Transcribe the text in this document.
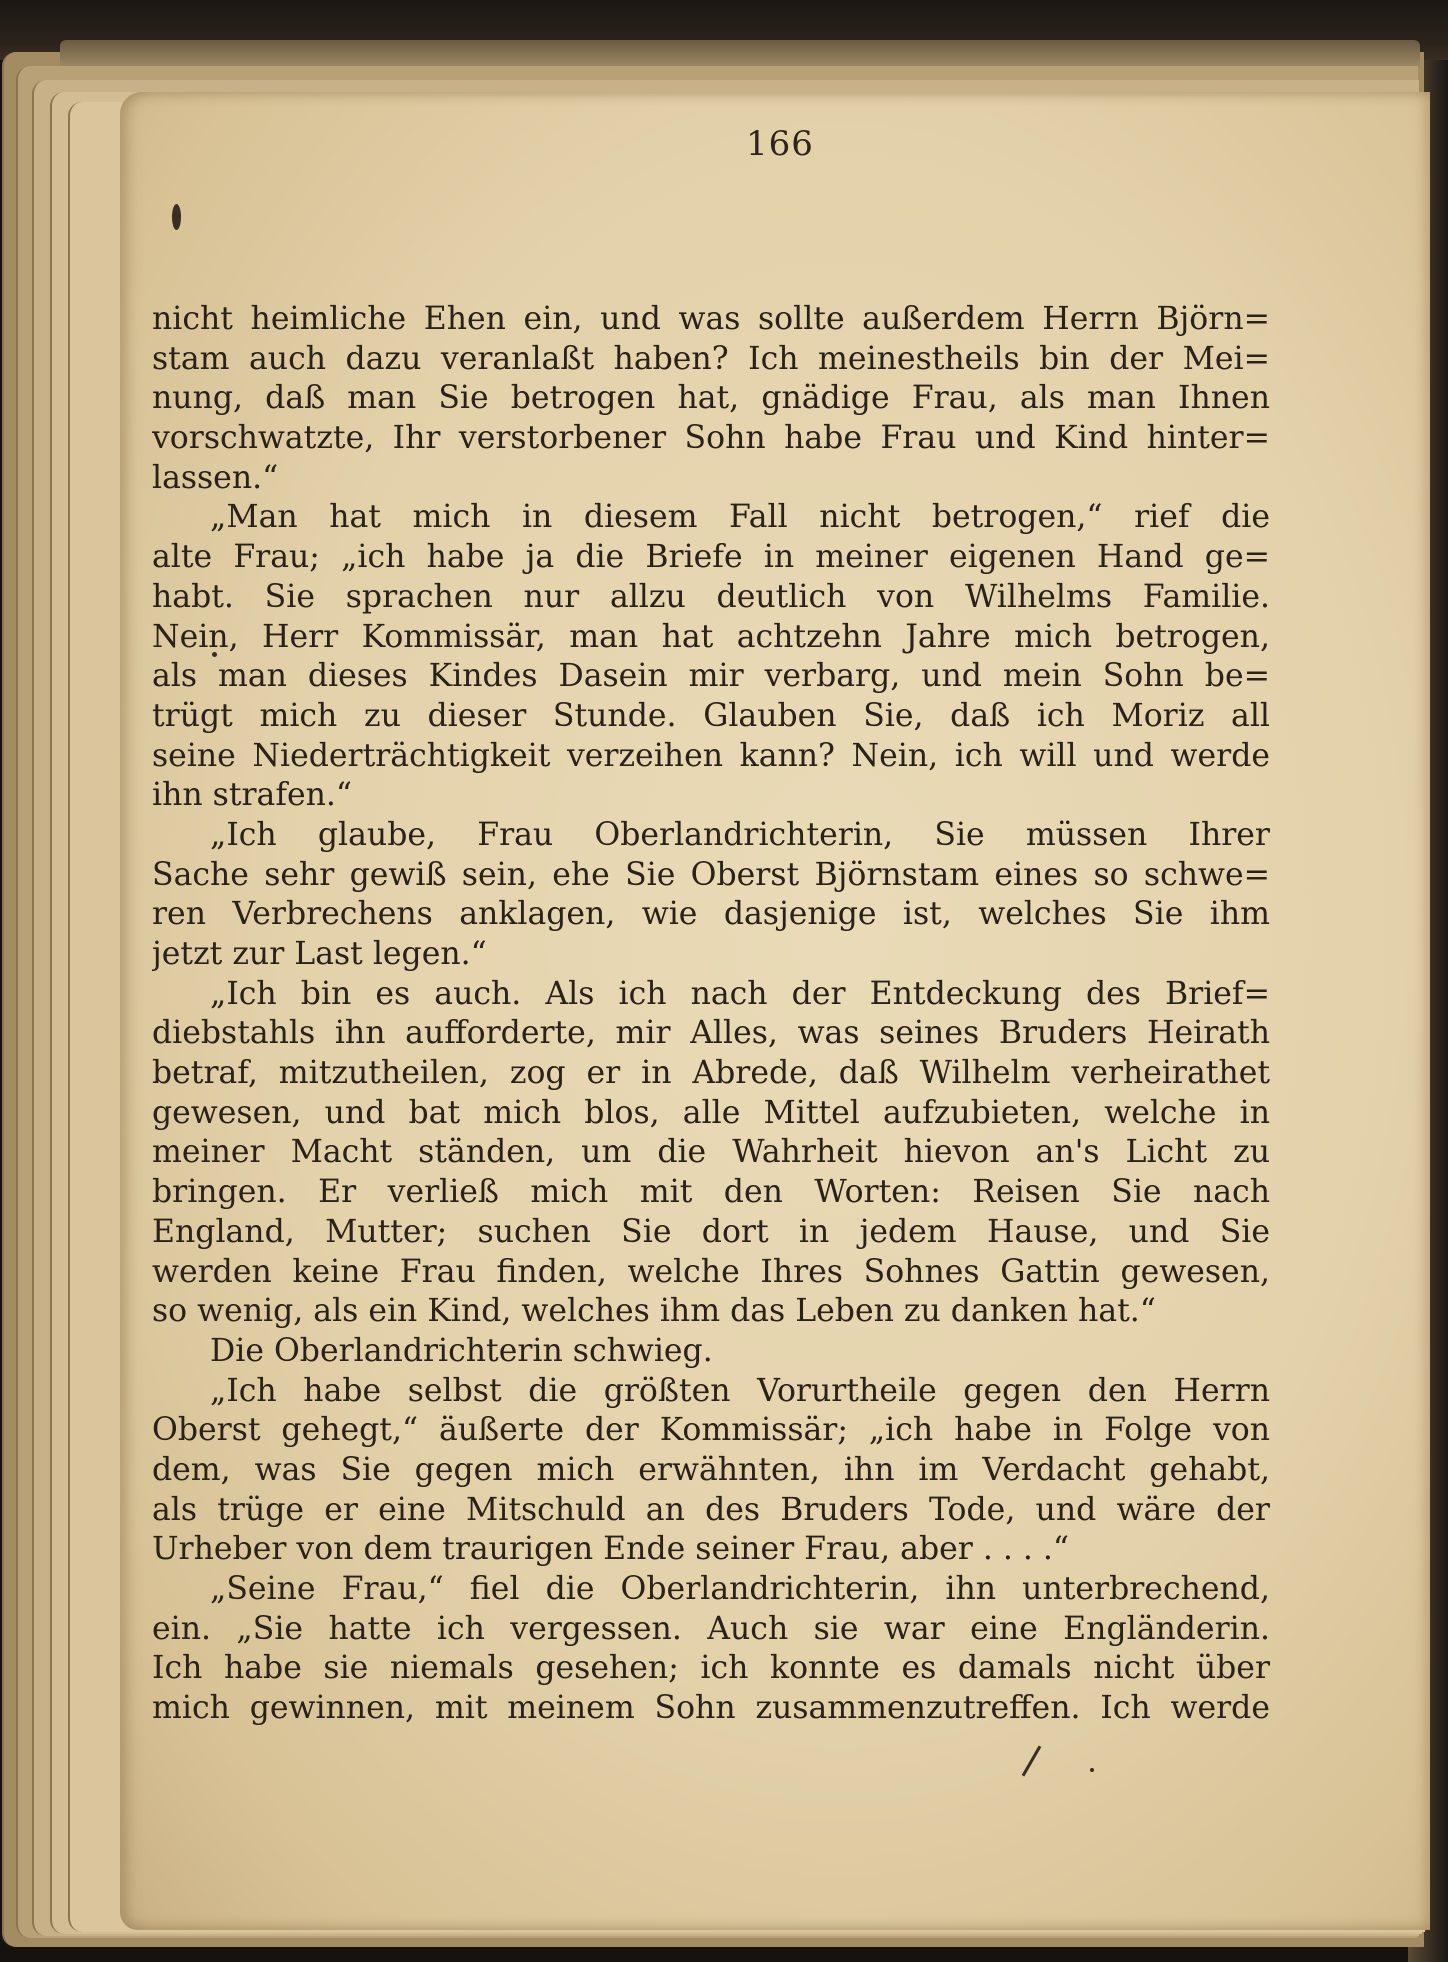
166
nicht heimliche Ehen ein, und was sollte außerdem Herrn Björn=
stam auch dazu veranlaßt haben? Ich meinestheils bin der Mei=
nung, daß man Sie betrogen hat, gnädige Frau, als man Ihnen
vorschwatzte, Ihr verstorbener Sohn habe Frau und Kind hinter=
lassen.“
„Man hat mich in diesem Fall nicht betrogen,“ rief die
alte Frau; „ich habe ja die Briefe in meiner eigenen Hand ge=
habt. Sie sprachen nur allzu deutlich von Wilhelms Familie.
Nein, Herr Kommissär, man hat achtzehn Jahre mich betrogen,
als man dieses Kindes Dasein mir verbarg, und mein Sohn be=
trügt mich zu dieser Stunde. Glauben Sie, daß ich Moriz all
seine Niederträchtigkeit verzeihen kann? Nein, ich will und werde
ihn strafen.“
„Ich glaube, Frau Oberlandrichterin, Sie müssen Ihrer
Sache sehr gewiß sein, ehe Sie Oberst Björnstam eines so schwe=
ren Verbrechens anklagen, wie dasjenige ist, welches Sie ihm
jetzt zur Last legen.“
„Ich bin es auch. Als ich nach der Entdeckung des Brief=
diebstahls ihn aufforderte, mir Alles, was seines Bruders Heirath
betraf, mitzutheilen, zog er in Abrede, daß Wilhelm verheirathet
gewesen, und bat mich blos, alle Mittel aufzubieten, welche in
meiner Macht ständen, um die Wahrheit hievon an's Licht zu
bringen. Er verließ mich mit den Worten: Reisen Sie nach
England, Mutter; suchen Sie dort in jedem Hause, und Sie
werden keine Frau finden, welche Ihres Sohnes Gattin gewesen,
so wenig, als ein Kind, welches ihm das Leben zu danken hat.“
Die Oberlandrichterin schwieg.
„Ich habe selbst die größten Vorurtheile gegen den Herrn
Oberst gehegt,“ äußerte der Kommissär; „ich habe in Folge von
dem, was Sie gegen mich erwähnten, ihn im Verdacht gehabt,
als trüge er eine Mitschuld an des Bruders Tode, und wäre der
Urheber von dem traurigen Ende seiner Frau, aber . . . .“
„Seine Frau,“ fiel die Oberlandrichterin, ihn unterbrechend,
ein. „Sie hatte ich vergessen. Auch sie war eine Engländerin.
Ich habe sie niemals gesehen; ich konnte es damals nicht über
mich gewinnen, mit meinem Sohn zusammenzutreffen. Ich werde
